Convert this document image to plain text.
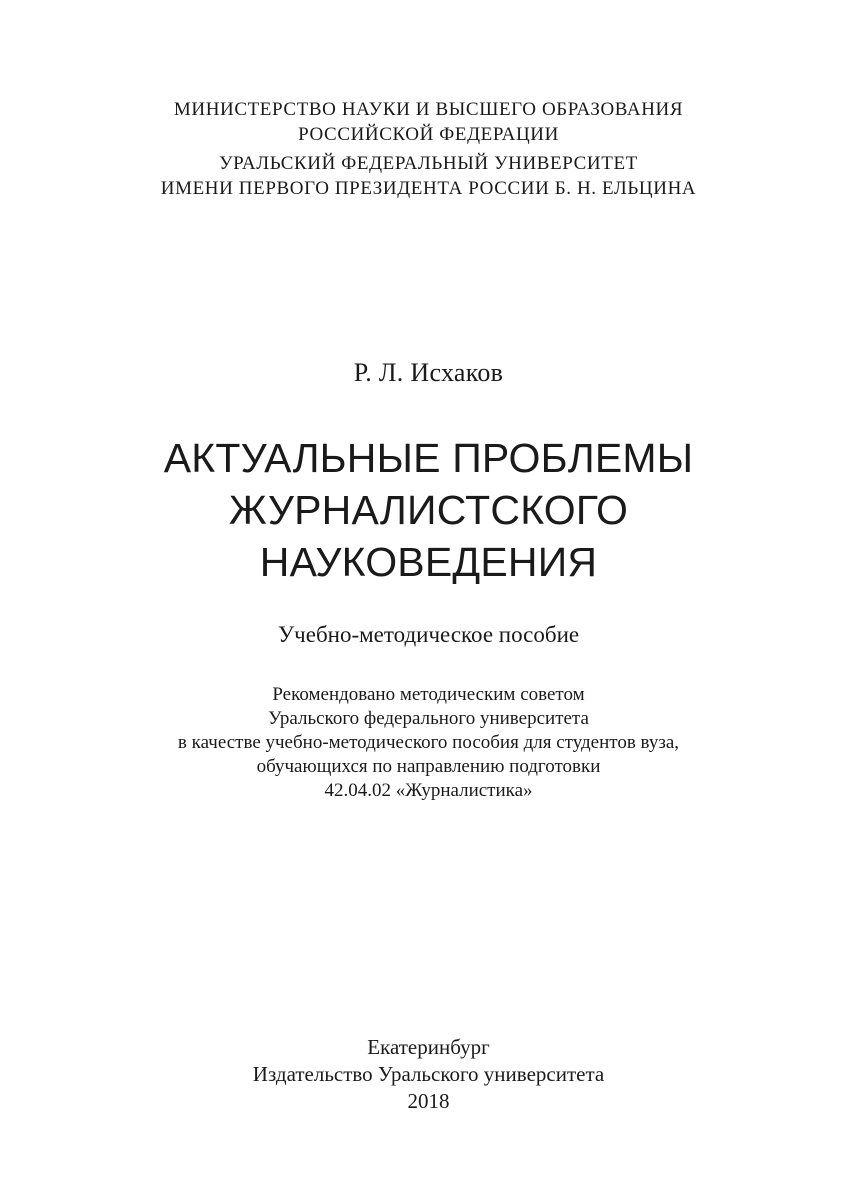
МИНИСТЕРСТВО НАУКИ И ВЫСШЕГО ОБРАЗОВАНИЯ
РОССИЙСКОЙ ФЕДЕРАЦИИ
УРАЛЬСКИЙ ФЕДЕРАЛЬНЫЙ УНИВЕРСИТЕТ
ИМЕНИ ПЕРВОГО ПРЕЗИДЕНТА РОССИИ Б. Н. ЕЛЬЦИНА
Р. Л. Исхаков
АКТУАЛЬНЫЕ ПРОБЛЕМЫ
ЖУРНАЛИСТСКОГО
НАУКОВЕДЕНИЯ
Учебно-методическое пособие
Рекомендовано методическим советом
Уральского федерального университета
в качестве учебно-методического пособия для студентов вуза,
обучающихся по направлению подготовки
42.04.02 «Журналистика»
Екатеринбург
Издательство Уральского университета
2018
